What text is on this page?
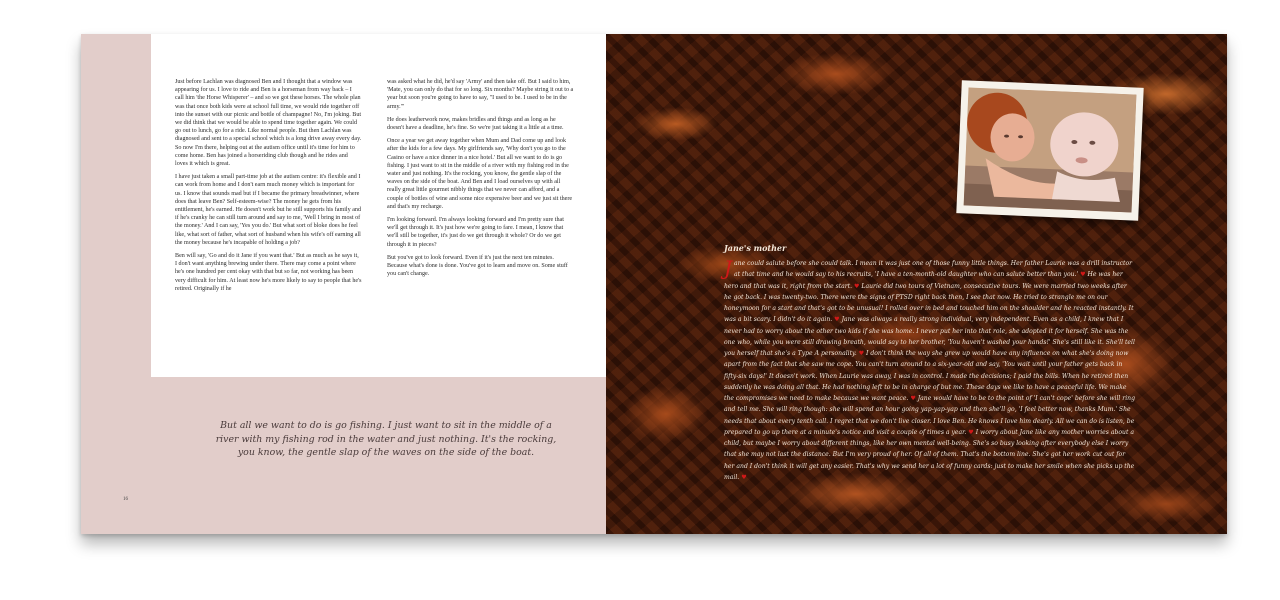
Just before Lachlan was diagnosed Ben and I thought that a window was appearing for us. I love to ride and Ben is a horseman from way back – I call him 'the Horse Whisperer' – and so we got these horses. The whole plan was that once both kids were at school full time, we would ride together off into the sunset with our picnic and bottle of champagne! No, I'm joking. But we did think that we would be able to spend time together again. We could go out to lunch, go for a ride. Like normal people. But then Lachlan was diagnosed and sent to a special school which is a long drive away every day. So now I'm there, helping out at the autism office until it's time for him to come home. Ben has joined a horseriding club though and he rides and loves it which is great.

I have just taken a small part-time job at the autism centre: it's flexible and I can work from home and I don't earn much money which is important for us. I know that sounds mad but if I became the primary breadwinner, where does that leave Ben? Self-esteem-wise? The money he gets from his entitlement, he's earned. He doesn't work but he still supports his family and if he's cranky he can still turn around and say to me, 'Well I bring in most of the money.' And I can say, 'Yes you do.' But what sort of bloke does he feel like, what sort of father, what sort of husband when his wife's off earning all the money because he's incapable of holding a job?

Ben will say, 'Go and do it Jane if you want that.' But as much as he says it, I don't want anything brewing under there. There may come a point where he's one hundred per cent okay with that but so far, not working has been very difficult for him. At least now he's more likely to say to people that he's retired. Originally if he

was asked what he did, he'd say 'Army' and then take off. But I said to him, 'Mate, you can only do that for so long. Six months? Maybe string it out to a year but soon you're going to have to say, "I used to be. I used to be in the army."'

He does leatherwork now, makes bridles and things and as long as he doesn't have a deadline, he's fine. So we're just taking it a little at a time.

Once a year we get away together when Mum and Dad come up and look after the kids for a few days. My girlfriends say, 'Why don't you go to the Casino or have a nice dinner in a nice hotel.' But all we want to do is go fishing. I just want to sit in the middle of a river with my fishing rod in the water and just nothing. It's the rocking, you know, the gentle slap of the waves on the side of the boat. And Ben and I load ourselves up with all really great little gourmet nibbly things that we never can afford, and a couple of bottles of wine and some nice expensive beer and we just sit there and that's my recharge.

I'm looking forward. I'm always looking forward and I'm pretty sure that we'll get through it. It's just how we're going to fare. I mean, I know that we'll still be together, it's just do we get through it whole? Or do we get through it in pieces?

But you've got to look forward. Even if it's just the next ten minutes. Because what's done is done. You've got to learn and move on. Some stuff you can't change.

But all we want to do is go fishing. I just want to sit in the middle of a river with my fishing rod in the water and just nothing. It's the rocking, you know, the gentle slap of the waves on the side of the boat.
16
Jane's mother
Jane could salute before she could talk. I mean it was just one of those funny little things. Her father Laurie was a drill instructor at that time and he would say to his recruits, 'I have a ten-month-old daughter who can salute better than you.' ♥ He was her hero and that was it, right from the start. ♥ Laurie did two tours of Vietnam, consecutive tours. We were married two weeks after he got back. I was twenty-two. There were the signs of PTSD right back then, I see that now. He tried to strangle me on our honeymoon for a start and that's got to be unusual! I rolled over in bed and touched him on the shoulder and he reacted instantly. It was a bit scary. I didn't do it again. ♥ Jane was always a really strong individual, very independent. Even as a child, I knew that I never had to worry about the other two kids if she was home. I never put her into that role, she adopted it for herself. She was the one who, while you were still drawing breath, would say to her brother, 'You haven't washed your hands!' She's still like it. She'll tell you herself that she's a Type A personality. ♥ I don't think the way she grew up would have any influence on what she's doing now apart from the fact that she saw me cope. You can't turn around to a six-year-old and say, 'You wait until your father gets back in fifty-six days!' It doesn't work. When Laurie was away, I was in control. I made the decisions; I paid the bills. When he retired then suddenly he was doing all that. He had nothing left to be in charge of but me. These days we like to have a peaceful life. We make the compromises we need to make because we want peace. ♥ Jane would have to be to the point of 'I can't cope' before she will ring and tell me. She will ring though: she will spend an hour going yap-yap-yap and then she'll go, 'I feel better now, thanks Mum.' She needs that about every tenth call. I regret that we don't live closer. I love Ben. He knows I love him dearly. All we can do is listen, be prepared to go up there at a minute's notice and visit a couple of times a year. ♥ I worry about Jane like any mother worries about a child, but maybe I worry about different things, like her own mental well-being. She's so busy looking after everybody else I worry that she may not last the distance. But I'm very proud of her. Of all of them. That's the bottom line. She's got her work cut out for her and I don't think it will get any easier. That's why we send her a lot of funny cards: just to make her smile when she picks up the mail. ♥
